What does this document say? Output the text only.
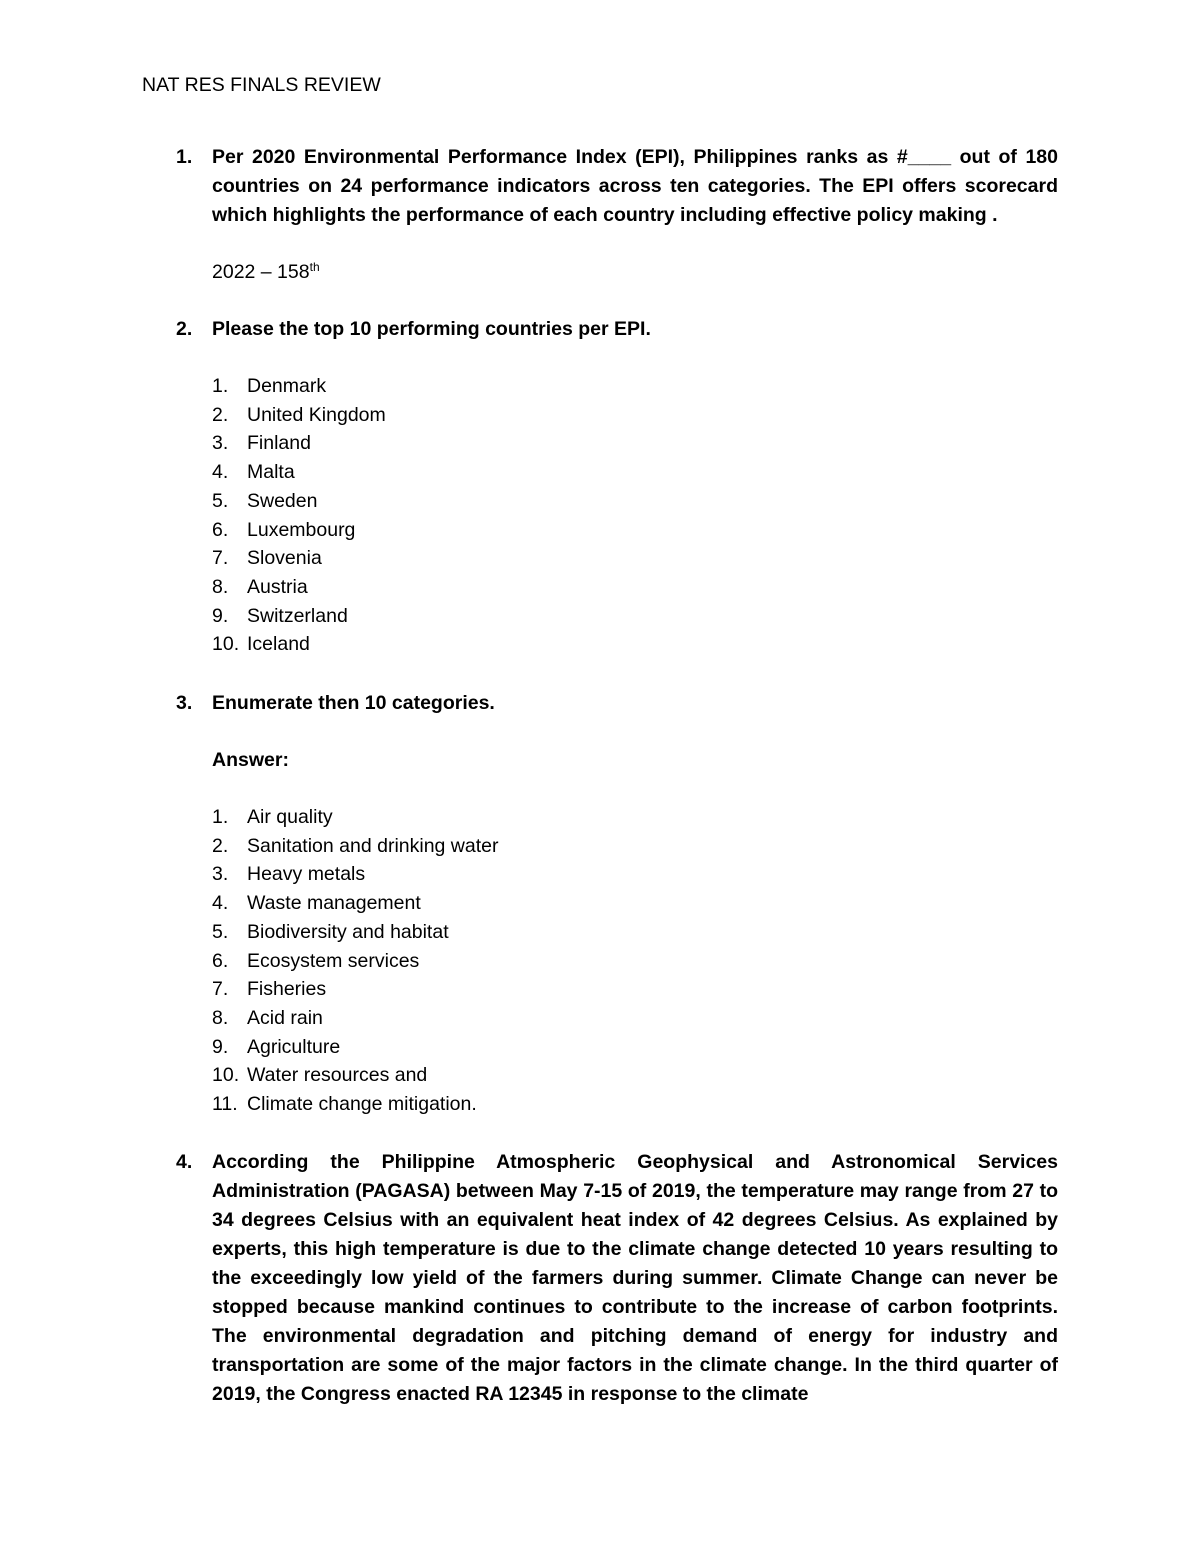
NAT RES FINALS REVIEW
1. Per 2020 Environmental Performance Index (EPI), Philippines ranks as #____ out of 180 countries on 24 performance indicators across ten categories. The EPI offers scorecard which highlights the performance of each country including effective policy making .
2022 – 158th
2. Please the top 10 performing countries per EPI.
1. Denmark
2. United Kingdom
3. Finland
4. Malta
5. Sweden
6. Luxembourg
7. Slovenia
8. Austria
9. Switzerland
10. Iceland
3. Enumerate then 10 categories.
Answer:
1. Air quality
2. Sanitation and drinking water
3. Heavy metals
4. Waste management
5. Biodiversity and habitat
6. Ecosystem services
7. Fisheries
8. Acid rain
9. Agriculture
10. Water resources and
11. Climate change mitigation.
4. According the Philippine Atmospheric Geophysical and Astronomical Services Administration (PAGASA) between May 7-15 of 2019, the temperature may range from 27 to 34 degrees Celsius with an equivalent heat index of 42 degrees Celsius. As explained by experts, this high temperature is due to the climate change detected 10 years resulting to the exceedingly low yield of the farmers during summer. Climate Change can never be stopped because mankind continues to contribute to the increase of carbon footprints. The environmental degradation and pitching demand of energy for industry and transportation are some of the major factors in the climate change. In the third quarter of 2019, the Congress enacted RA 12345 in response to the climate
